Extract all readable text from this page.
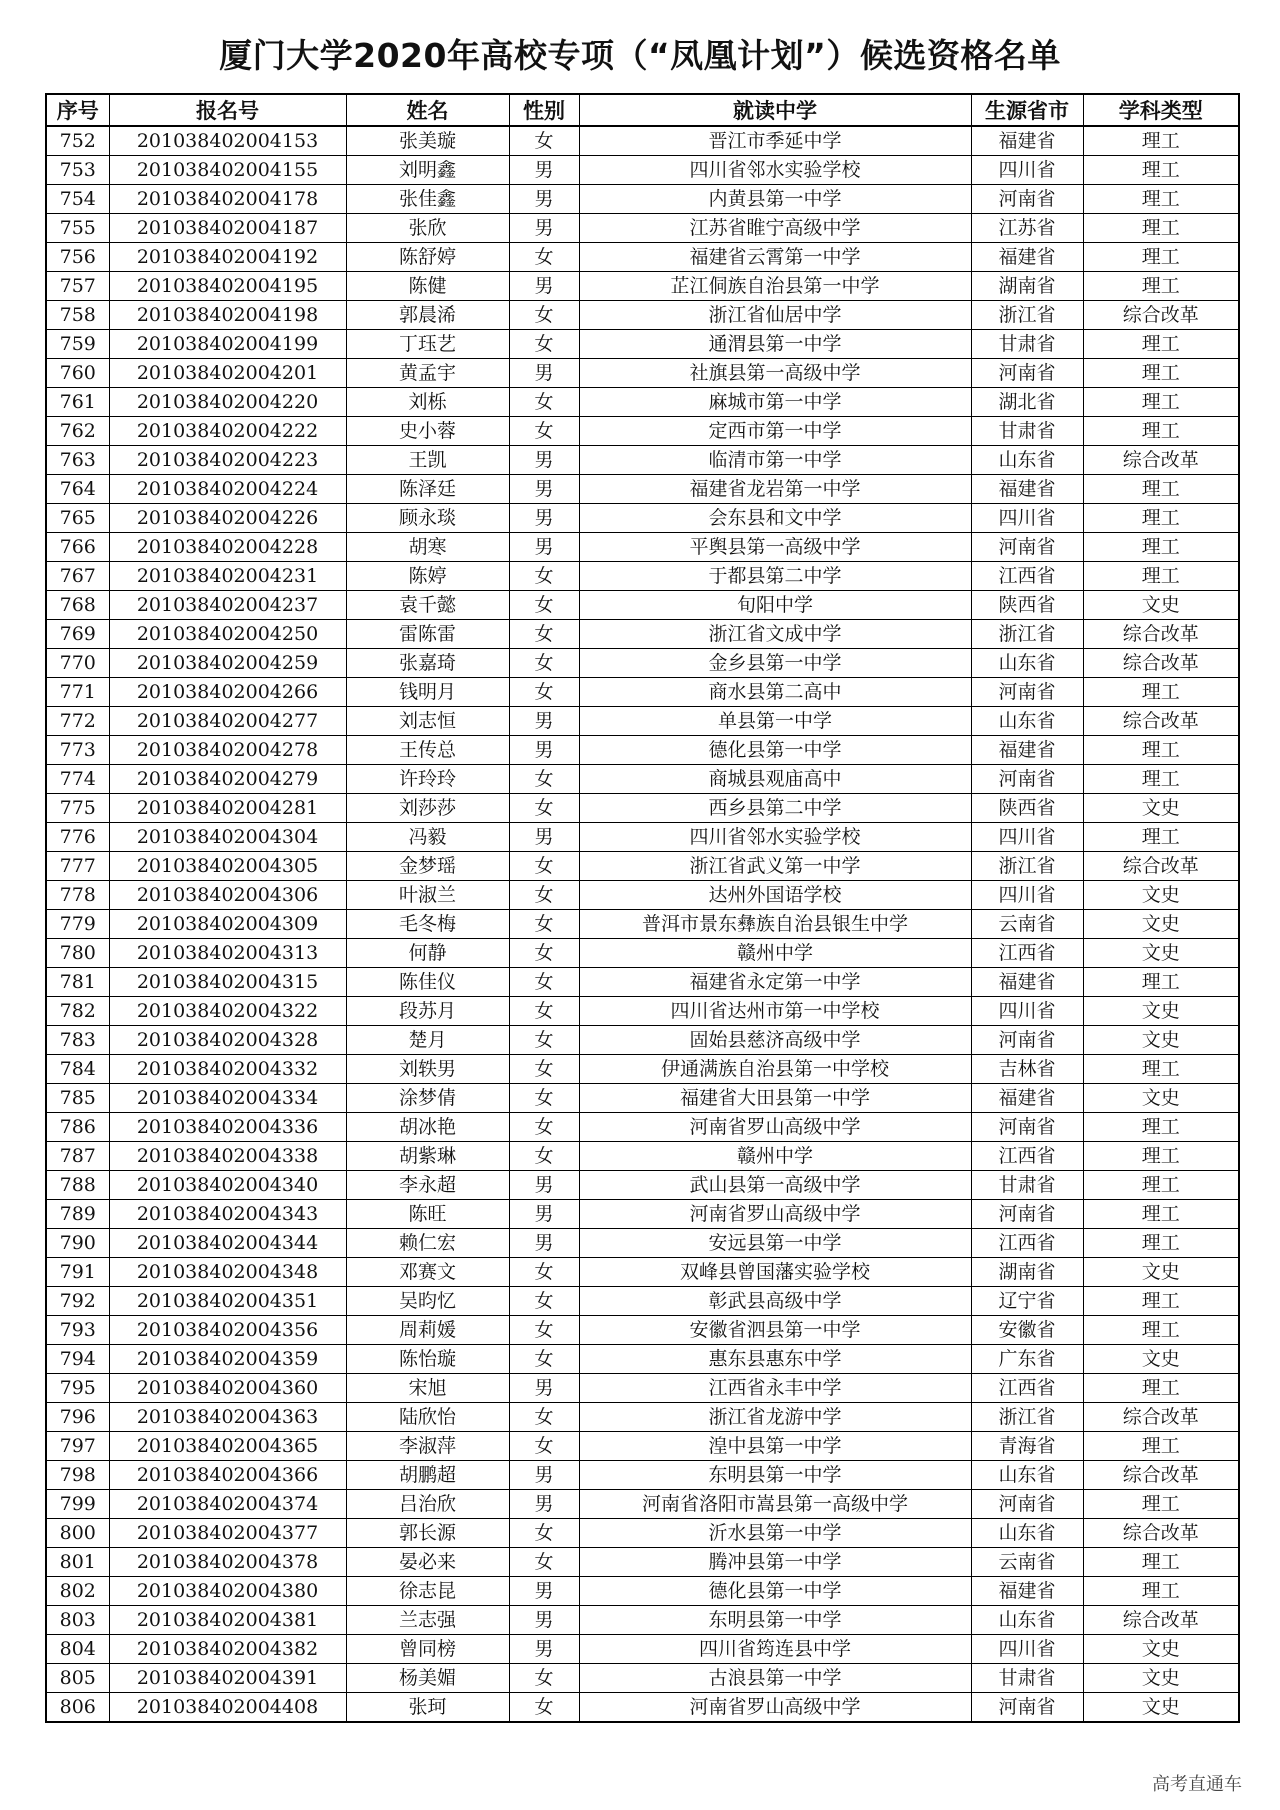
厦门大学2020年高校专项（“凤凰计划”）候选资格名单
序号	报名号	姓名	性别	就读中学	生源省市	学科类型
752	201038402004153	张美璇	女	晋江市季延中学	福建省	理工
753	201038402004155	刘明鑫	男	四川省邻水实验学校	四川省	理工
754	201038402004178	张佳鑫	男	内黄县第一中学	河南省	理工
755	201038402004187	张欣	男	江苏省睢宁高级中学	江苏省	理工
756	201038402004192	陈舒婷	女	福建省云霄第一中学	福建省	理工
757	201038402004195	陈健	男	芷江侗族自治县第一中学	湖南省	理工
758	201038402004198	郭晨浠	女	浙江省仙居中学	浙江省	综合改革
759	201038402004199	丁珏艺	女	通渭县第一中学	甘肃省	理工
760	201038402004201	黄孟宇	男	社旗县第一高级中学	河南省	理工
761	201038402004220	刘栎	女	麻城市第一中学	湖北省	理工
762	201038402004222	史小蓉	女	定西市第一中学	甘肃省	理工
763	201038402004223	王凯	男	临清市第一中学	山东省	综合改革
764	201038402004224	陈泽廷	男	福建省龙岩第一中学	福建省	理工
765	201038402004226	顾永琰	男	会东县和文中学	四川省	理工
766	201038402004228	胡寒	男	平舆县第一高级中学	河南省	理工
767	201038402004231	陈婷	女	于都县第二中学	江西省	理工
768	201038402004237	袁千懿	女	旬阳中学	陕西省	文史
769	201038402004250	雷陈雷	女	浙江省文成中学	浙江省	综合改革
770	201038402004259	张嘉琦	女	金乡县第一中学	山东省	综合改革
771	201038402004266	钱明月	女	商水县第二高中	河南省	理工
772	201038402004277	刘志恒	男	单县第一中学	山东省	综合改革
773	201038402004278	王传总	男	德化县第一中学	福建省	理工
774	201038402004279	许玲玲	女	商城县观庙高中	河南省	理工
775	201038402004281	刘莎莎	女	西乡县第二中学	陕西省	文史
776	201038402004304	冯毅	男	四川省邻水实验学校	四川省	理工
777	201038402004305	金梦瑶	女	浙江省武义第一中学	浙江省	综合改革
778	201038402004306	叶淑兰	女	达州外国语学校	四川省	文史
779	201038402004309	毛冬梅	女	普洱市景东彝族自治县银生中学	云南省	文史
780	201038402004313	何静	女	赣州中学	江西省	文史
781	201038402004315	陈佳仪	女	福建省永定第一中学	福建省	理工
782	201038402004322	段苏月	女	四川省达州市第一中学校	四川省	文史
783	201038402004328	楚月	女	固始县慈济高级中学	河南省	文史
784	201038402004332	刘轶男	女	伊通满族自治县第一中学校	吉林省	理工
785	201038402004334	涂梦倩	女	福建省大田县第一中学	福建省	文史
786	201038402004336	胡冰艳	女	河南省罗山高级中学	河南省	理工
787	201038402004338	胡紫琳	女	赣州中学	江西省	理工
788	201038402004340	李永超	男	武山县第一高级中学	甘肃省	理工
789	201038402004343	陈旺	男	河南省罗山高级中学	河南省	理工
790	201038402004344	赖仁宏	男	安远县第一中学	江西省	理工
791	201038402004348	邓赛文	女	双峰县曾国藩实验学校	湖南省	文史
792	201038402004351	吴昀忆	女	彰武县高级中学	辽宁省	理工
793	201038402004356	周莉媛	女	安徽省泗县第一中学	安徽省	理工
794	201038402004359	陈怡璇	女	惠东县惠东中学	广东省	文史
795	201038402004360	宋旭	男	江西省永丰中学	江西省	理工
796	201038402004363	陆欣怡	女	浙江省龙游中学	浙江省	综合改革
797	201038402004365	李淑萍	女	湟中县第一中学	青海省	理工
798	201038402004366	胡鹏超	男	东明县第一中学	山东省	综合改革
799	201038402004374	吕治欣	男	河南省洛阳市嵩县第一高级中学	河南省	理工
800	201038402004377	郭长源	女	沂水县第一中学	山东省	综合改革
801	201038402004378	晏必来	女	腾冲县第一中学	云南省	理工
802	201038402004380	徐志昆	男	德化县第一中学	福建省	理工
803	201038402004381	兰志强	男	东明县第一中学	山东省	综合改革
804	201038402004382	曾同榜	男	四川省筠连县中学	四川省	文史
805	201038402004391	杨美媚	女	古浪县第一中学	甘肃省	文史
806	201038402004408	张珂	女	河南省罗山高级中学	河南省	文史
高考直通车
